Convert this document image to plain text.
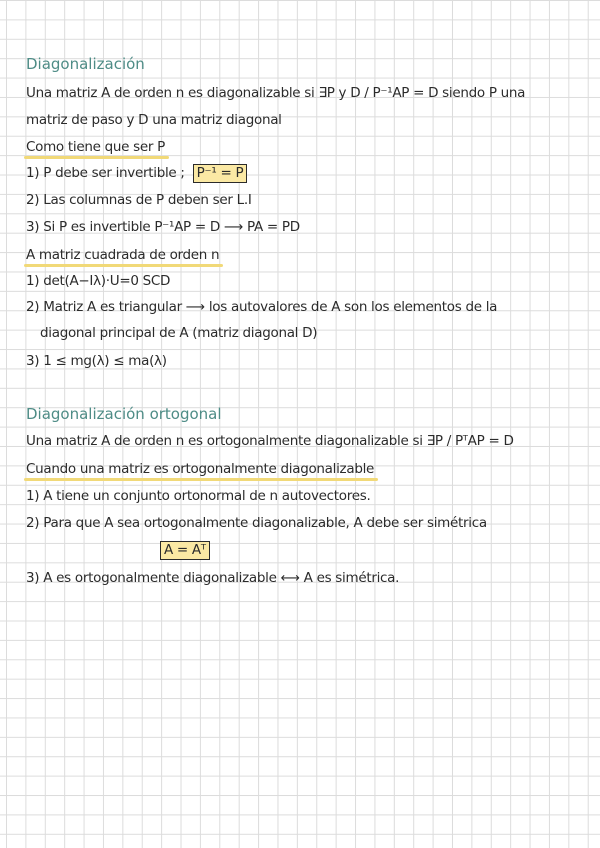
Diagonalización
Una matriz A de orden n es diagonalizable si ∃P y D / P⁻¹AP = D siendo P una
matriz de paso y D una matriz diagonal
Como tiene que ser P
1) P debe ser invertible ; P⁻¹ = P
2) Las columnas de P deben ser L.I
3) Si P es invertible P⁻¹AP = D ⟶ PA = PD
A matriz cuadrada de orden n
1) det(A−Iλ)·U=0 SCD
2) Matriz A es triangular ⟶ los autovalores de A son los elementos de la
diagonal principal de A (matriz diagonal D)
3) 1 ≤ mg(λ) ≤ ma(λ)
Diagonalización ortogonal
Una matriz A de orden n es ortogonalmente diagonalizable si ∃P / PᵀAP = D
Cuando una matriz es ortogonalmente diagonalizable
1) A tiene un conjunto ortonormal de n autovectores.
2) Para que A sea ortogonalmente diagonalizable, A debe ser simétrica
A = Aᵀ
3) A es ortogonalmente diagonalizable ⟷ A es simétrica.
